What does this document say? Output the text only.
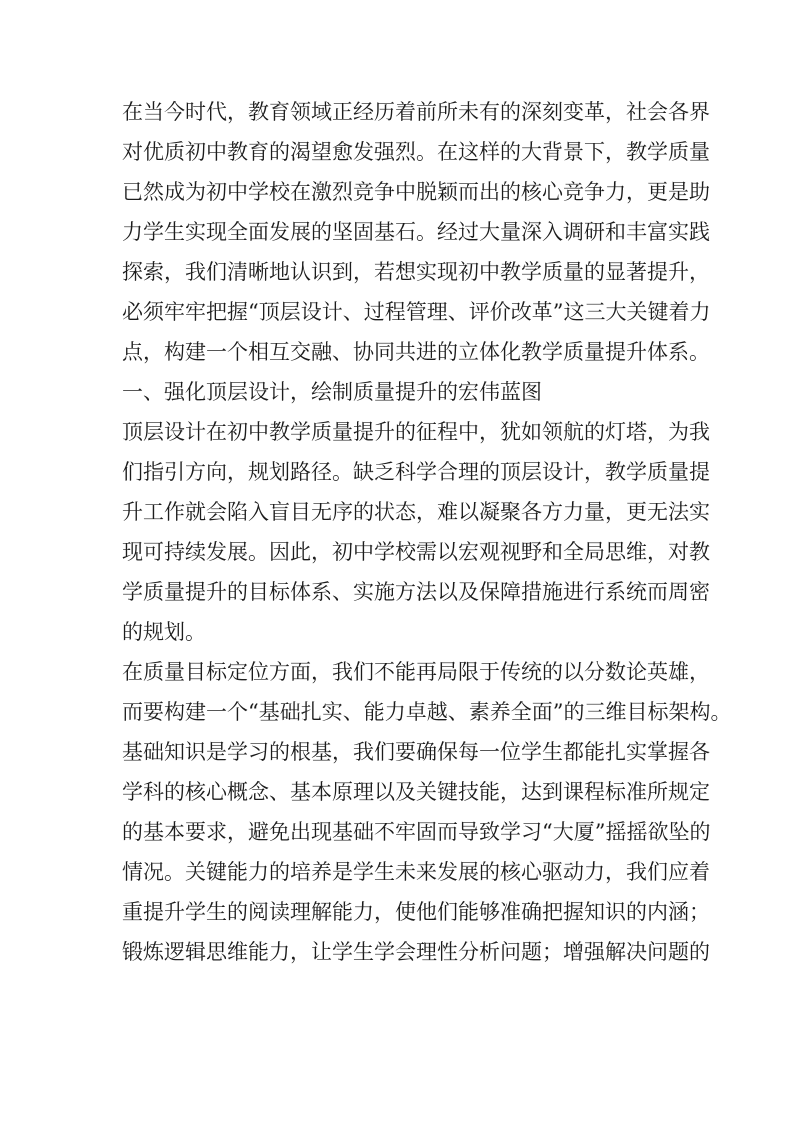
在 当 今 时 代 ， 教 育 领 域 正 经 历 着 前 所 未 有 的 深 刻 变 革 ， 社 会 各 界
对 优 质 初 中 教 育 的 渴 望 愈 发 强 烈 。 在 这 样 的 大 背 景 下 ， 教 学 质 量
已 然 成 为 初 中 学 校 在 激 烈 竞 争 中 脱 颖 而 出 的 核 心 竞 争 力 ， 更 是 助
力 学 生 实 现 全 面 发 展 的 坚 固 基 石 。 经 过 大 量 深 入 调 研 和 丰 富 实 践
探 索 ， 我 们 清 晰 地 认 识 到 ， 若 想 实 现 初 中 教 学 质 量 的 显 著 提 升 ，
必 须 牢 牢 把 握 “ 顶 层 设 计 、 过 程 管 理 、 评 价 改 革 ” 这 三 大 关 键 着 力
点 ， 构 建 一 个 相 互 交 融 、 协 同 共 进 的 立 体 化 教 学 质 量 提 升 体 系 。
一、强化顶层设计，绘制质量提升的宏伟蓝图
顶 层 设 计 在 初 中 教 学 质 量 提 升 的 征 程 中 ， 犹 如 领 航 的 灯 塔 ， 为 我
们 指 引 方 向 ， 规 划 路 径 。 缺 乏 科 学 合 理 的 顶 层 设 计 ， 教 学 质 量 提
升 工 作 就 会 陷 入 盲 目 无 序 的 状 态 ， 难 以 凝 聚 各 方 力 量 ， 更 无 法 实
现 可 持 续 发 展 。 因 此 ， 初 中 学 校 需 以 宏 观 视 野 和 全 局 思 维 ， 对 教
学 质 量 提 升 的 目 标 体 系 、 实 施 方 法 以 及 保 障 措 施 进 行 系 统 而 周 密
的规划。
在 质 量 目 标 定 位 方 面 ， 我 们 不 能 再 局 限 于 传 统 的 以 分 数 论 英 雄 ，
而 要 构 建 一 个 “ 基 础 扎 实 、 能 力 卓 越 、 素 养 全 面 ” 的 三 维 目 标 架 构 。
基 础 知 识 是 学 习 的 根 基 ， 我 们 要 确 保 每 一 位 学 生 都 能 扎 实 掌 握 各
学 科 的 核 心 概 念 、 基 本 原 理 以 及 关 键 技 能 ， 达 到 课 程 标 准 所 规 定
的 基 本 要 求 ， 避 免 出 现 基 础 不 牢 固 而 导 致 学 习 “ 大 厦 ” 摇 摇 欲 坠 的
情 况 。 关 键 能 力 的 培 养 是 学 生 未 来 发 展 的 核 心 驱 动 力 ， 我 们 应 着
重 提 升 学 生 的 阅 读 理 解 能 力 ， 使 他 们 能 够 准 确 把 握 知 识 的 内 涵 ；
锻 炼 逻 辑 思 维 能 力 ， 让 学 生 学 会 理 性 分 析 问 题 ； 增 强 解 决 问 题 的
